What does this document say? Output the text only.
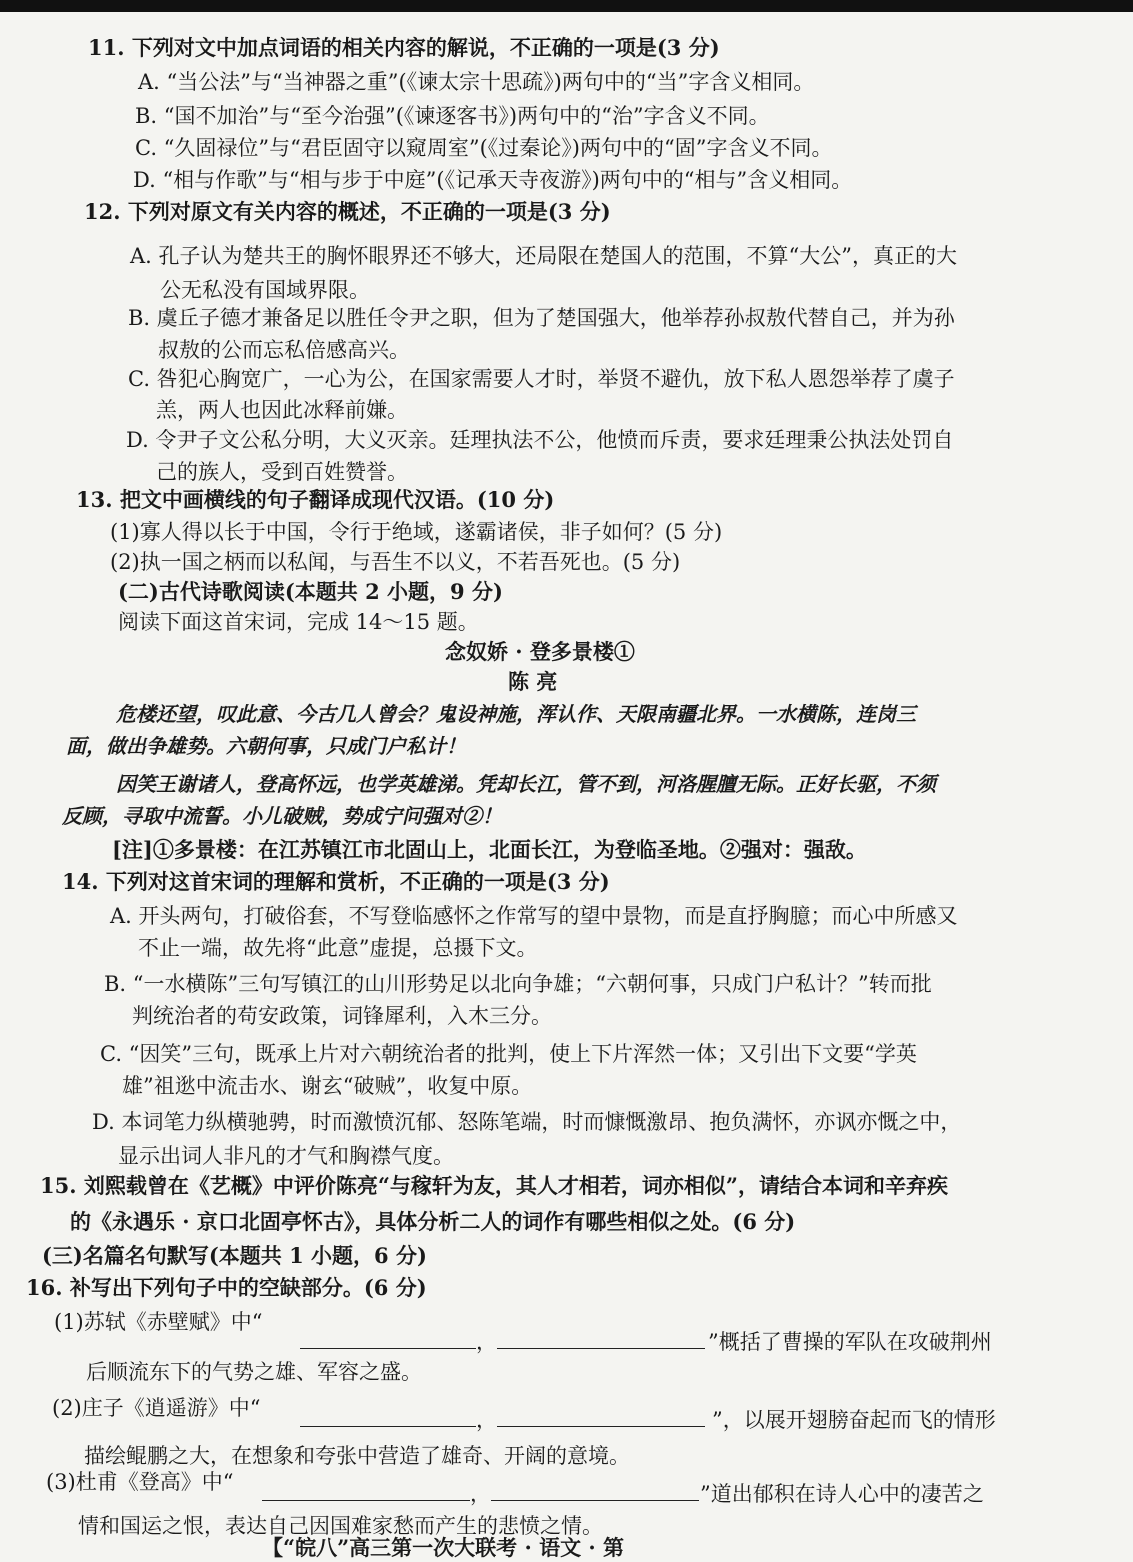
11. 下列对文中加点词语的相关内容的解说，不正确的一项是(3 分)
A. “当公法”与“当神器之重”(《谏太宗十思疏》)两句中的“当”字含义相同。
B. “国不加治”与“至今治强”(《谏逐客书》)两句中的“治”字含义不同。
C. “久固禄位”与“君臣固守以窥周室”(《过秦论》)两句中的“固”字含义不同。
D. “相与作歌”与“相与步于中庭”(《记承天寺夜游》)两句中的“相与”含义相同。
12. 下列对原文有关内容的概述，不正确的一项是(3 分)
A. 孔子认为楚共王的胸怀眼界还不够大，还局限在楚国人的范围，不算“大公”，真正的大
公无私没有国域界限。
B. 虞丘子德才兼备足以胜任令尹之职，但为了楚国强大，他举荐孙叔敖代替自己，并为孙
叔敖的公而忘私倍感高兴。
C. 咎犯心胸宽广，一心为公，在国家需要人才时，举贤不避仇，放下私人恩怨举荐了虞子
羔，两人也因此冰释前嫌。
D. 令尹子文公私分明，大义灭亲。廷理执法不公，他愤而斥责，要求廷理秉公执法处罚自
己的族人，受到百姓赞誉。
13. 把文中画横线的句子翻译成现代汉语。(10 分)
(1)寡人得以长于中国，令行于绝域，遂霸诸侯，非子如何？(5 分)
(2)执一国之柄而以私闻，与吾生不以义，不若吾死也。(5 分)
(二)古代诗歌阅读(本题共 2 小题，9 分)
阅读下面这首宋词，完成 14～15 题。
念奴娇 · 登多景楼①
陈 亮
危楼还望，叹此意、今古几人曾会？鬼设神施，浑认作、天限南疆北界。一水横陈，连岗三
面，做出争雄势。六朝何事，只成门户私计！
因笑王谢诸人，登高怀远，也学英雄涕。凭却长江，管不到，河洛腥膻无际。正好长驱，不须
反顾，寻取中流誓。小儿破贼，势成宁问强对②！
[注]①多景楼：在江苏镇江市北固山上，北面长江，为登临圣地。②强对：强敌。
14. 下列对这首宋词的理解和赏析，不正确的一项是(3 分)
A. 开头两句，打破俗套，不写登临感怀之作常写的望中景物，而是直抒胸臆；而心中所感又
不止一端，故先将“此意”虚提，总摄下文。
B. “一水横陈”三句写镇江的山川形势足以北向争雄；“六朝何事，只成门户私计？”转而批
判统治者的苟安政策，词锋犀利，入木三分。
C. “因笑”三句，既承上片对六朝统治者的批判，使上下片浑然一体；又引出下文要“学英
雄”祖逖中流击水、谢玄“破贼”，收复中原。
D. 本词笔力纵横驰骋，时而激愤沉郁、怒陈笔端，时而慷慨激昂、抱负满怀，亦讽亦慨之中，
显示出词人非凡的才气和胸襟气度。
15. 刘熙载曾在《艺概》中评价陈亮“与稼轩为友，其人才相若，词亦相似”，请结合本词和辛弃疾
的《永遇乐 · 京口北固亭怀古》，具体分析二人的词作有哪些相似之处。(6 分)
(三)名篇名句默写(本题共 1 小题，6 分)
16. 补写出下列句子中的空缺部分。(6 分)
(1)苏轼《赤壁赋》中“
，	”概括了曹操的军队在攻破荆州
后顺流东下的气势之雄、军容之盛。
(2)庄子《逍遥游》中“	，	”，以展开翅膀奋起而飞的情形
描绘鲲鹏之大，在想象和夸张中营造了雄奇、开阔的意境。
(3)杜甫《登高》中“	，	”道出郁积在诗人心中的凄苦之
情和国运之恨，表达自己因国难家愁而产生的悲愤之情。
【“皖八”高三第一次大联考 · 语文 · 第
